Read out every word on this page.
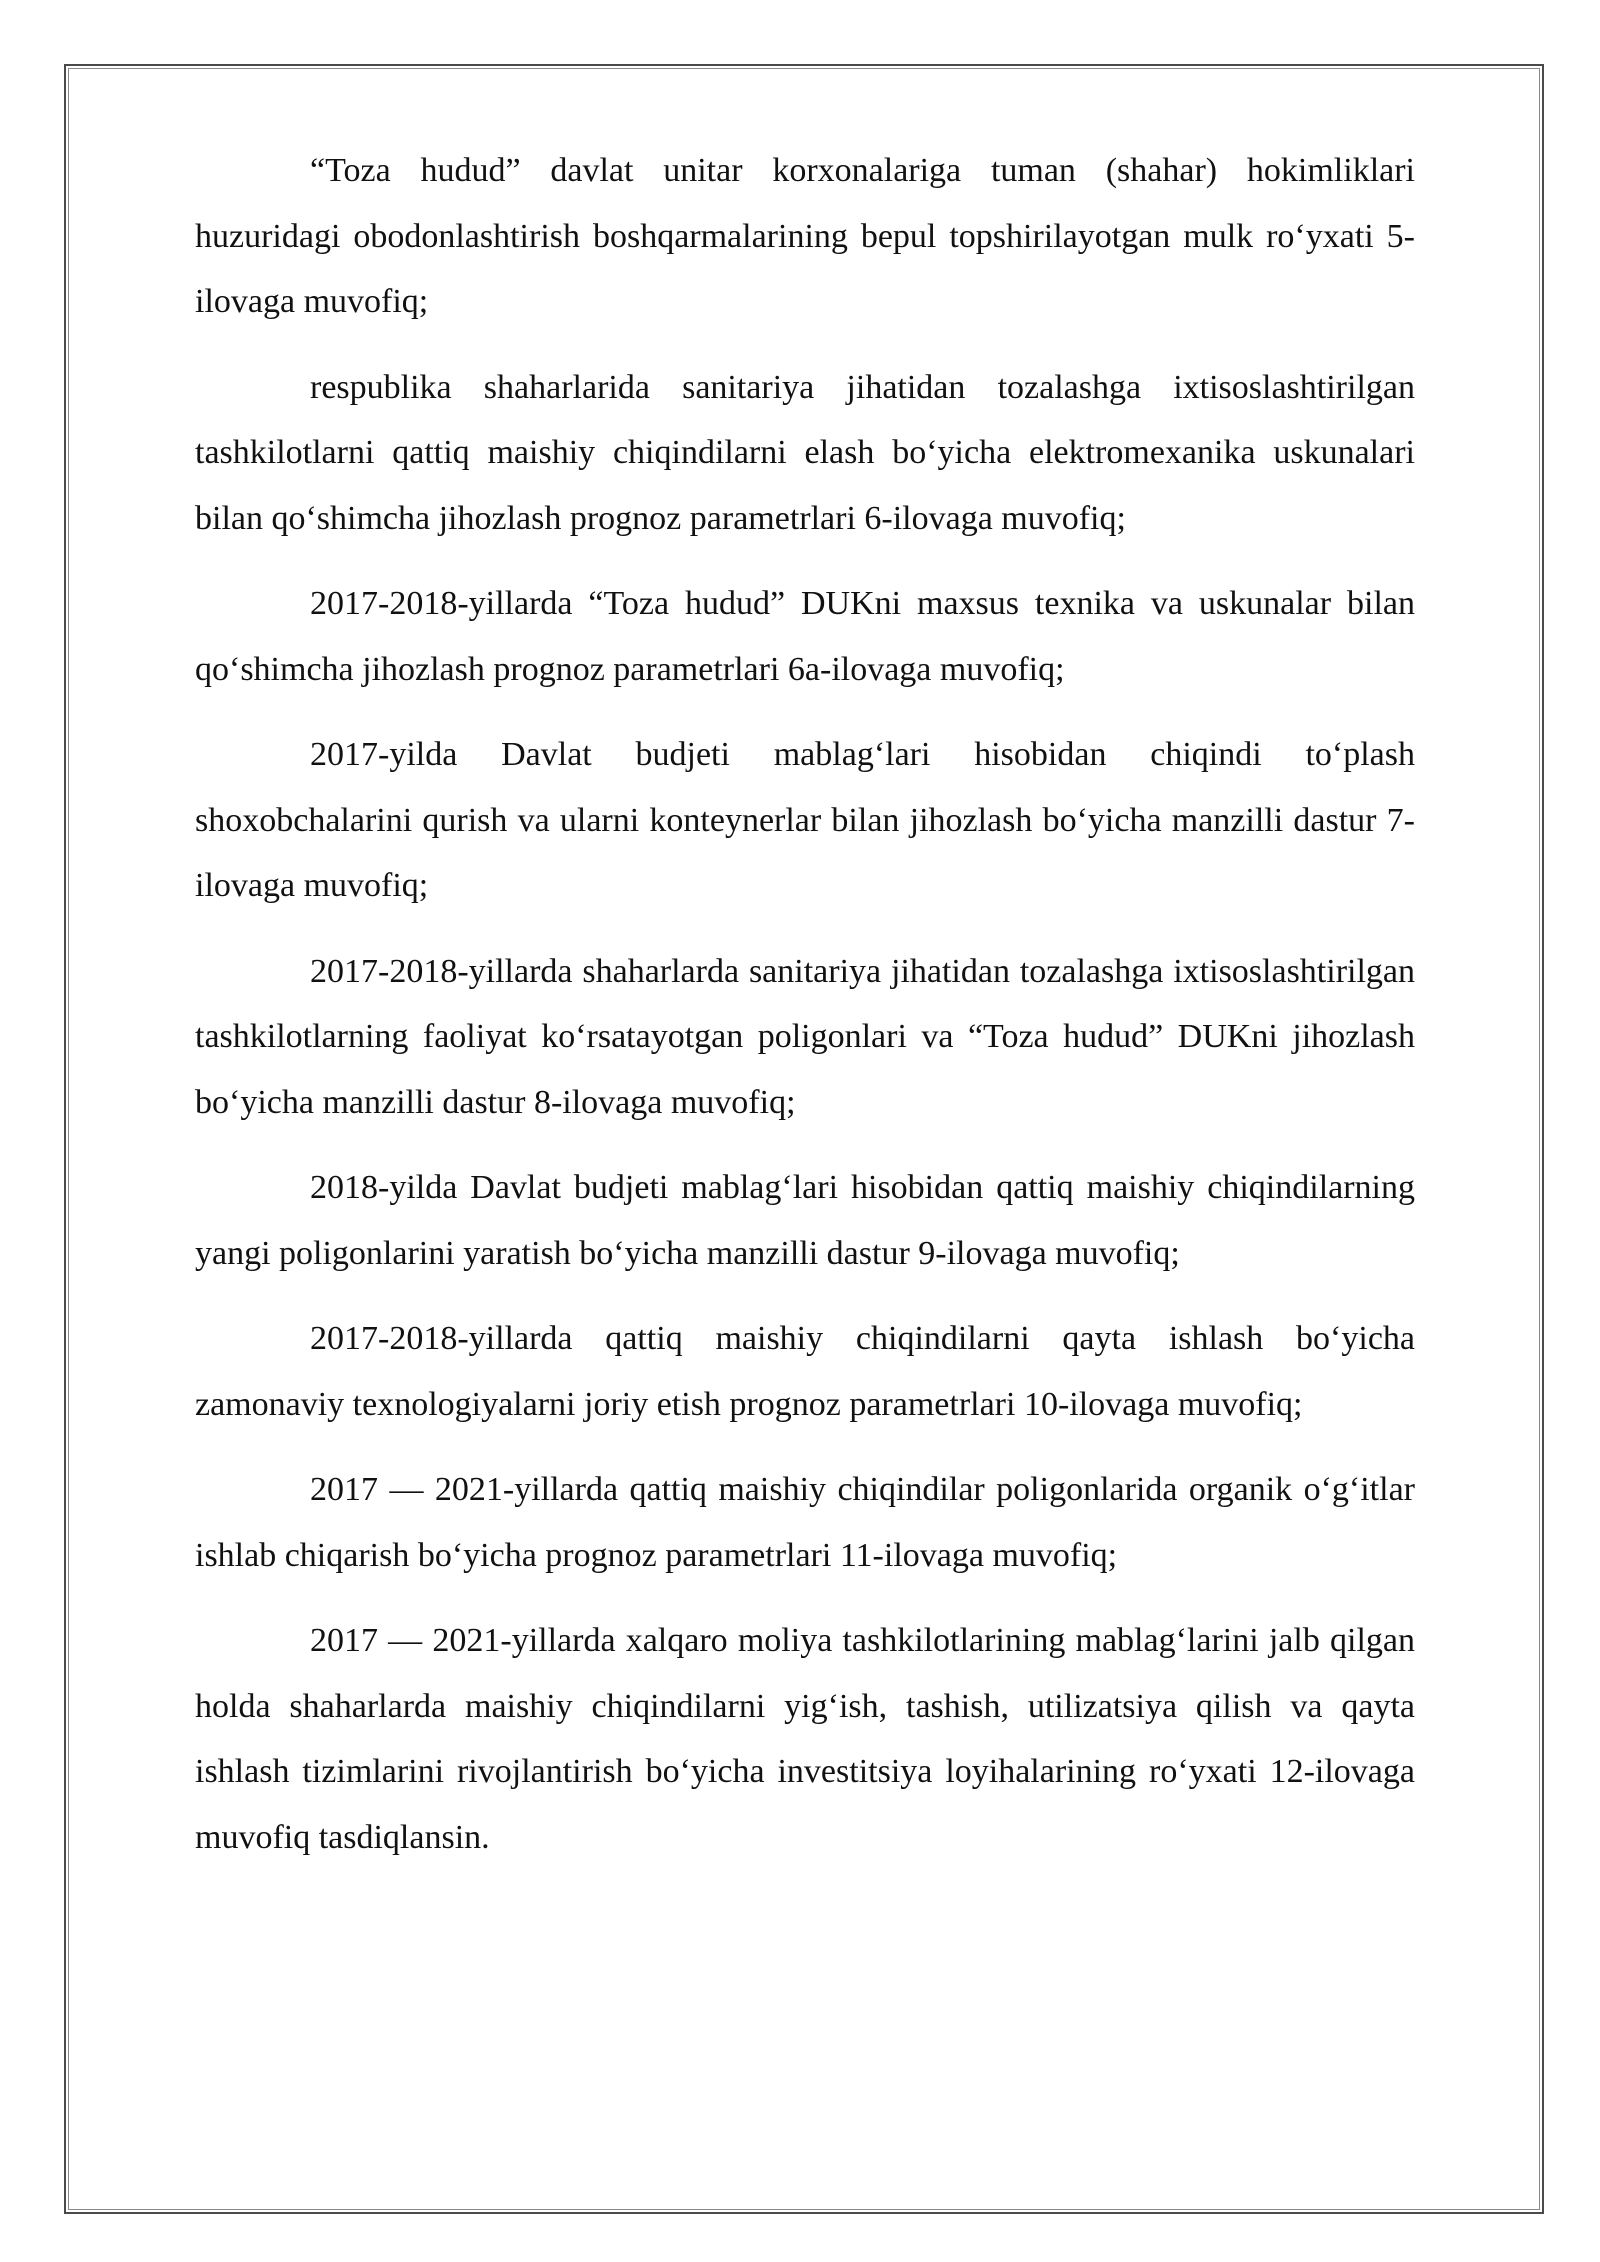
“Toza hudud” davlat unitar korxonalariga tuman (shahar) hokimliklari huzuridagi obodonlashtirish boshqarmalarining bepul topshirilayotgan mulk ro‘yxati 5-ilovaga muvofiq;

respublika shaharlarida sanitariya jihatidan tozalashga ixtisoslashtirilgan tashkilotlarni qattiq maishiy chiqindilarni elash bo‘yicha elektromexanika uskunalari bilan qo‘shimcha jihozlash prognoz parametrlari 6-ilovaga muvofiq;

2017-2018-yillarda “Toza hudud” DUKni maxsus texnika va uskunalar bilan qo‘shimcha jihozlash prognoz parametrlari 6a-ilovaga muvofiq;

2017-yilda Davlat budjeti mablag‘lari hisobidan chiqindi to‘plash shoxobchalarini qurish va ularni konteynerlar bilan jihozlash bo‘yicha manzilli dastur 7-ilovaga muvofiq;

2017-2018-yillarda shaharlarda sanitariya jihatidan tozalashga ixtisoslashtirilgan tashkilotlarning faoliyat ko‘rsatayotgan poligonlari va “Toza hudud” DUKni jihozlash bo‘yicha manzilli dastur 8-ilovaga muvofiq;

2018-yilda Davlat budjeti mablag‘lari hisobidan qattiq maishiy chiqindilarning yangi poligonlarini yaratish bo‘yicha manzilli dastur 9-ilovaga muvofiq;

2017-2018-yillarda qattiq maishiy chiqindilarni qayta ishlash bo‘yicha zamonaviy texnologiyalarni joriy etish prognoz parametrlari 10-ilovaga muvofiq;

2017 — 2021-yillarda qattiq maishiy chiqindilar poligonlarida organik o‘g‘itlar ishlab chiqarish bo‘yicha prognoz parametrlari 11-ilovaga muvofiq;

2017 — 2021-yillarda xalqaro moliya tashkilotlarining mablag‘larini jalb qilgan holda shaharlarda maishiy chiqindilarni yig‘ish, tashish, utilizatsiya qilish va qayta ishlash tizimlarini rivojlantirish bo‘yicha investitsiya loyihalarining ro‘yxati 12-ilovaga muvofiq tasdiqlansin.
